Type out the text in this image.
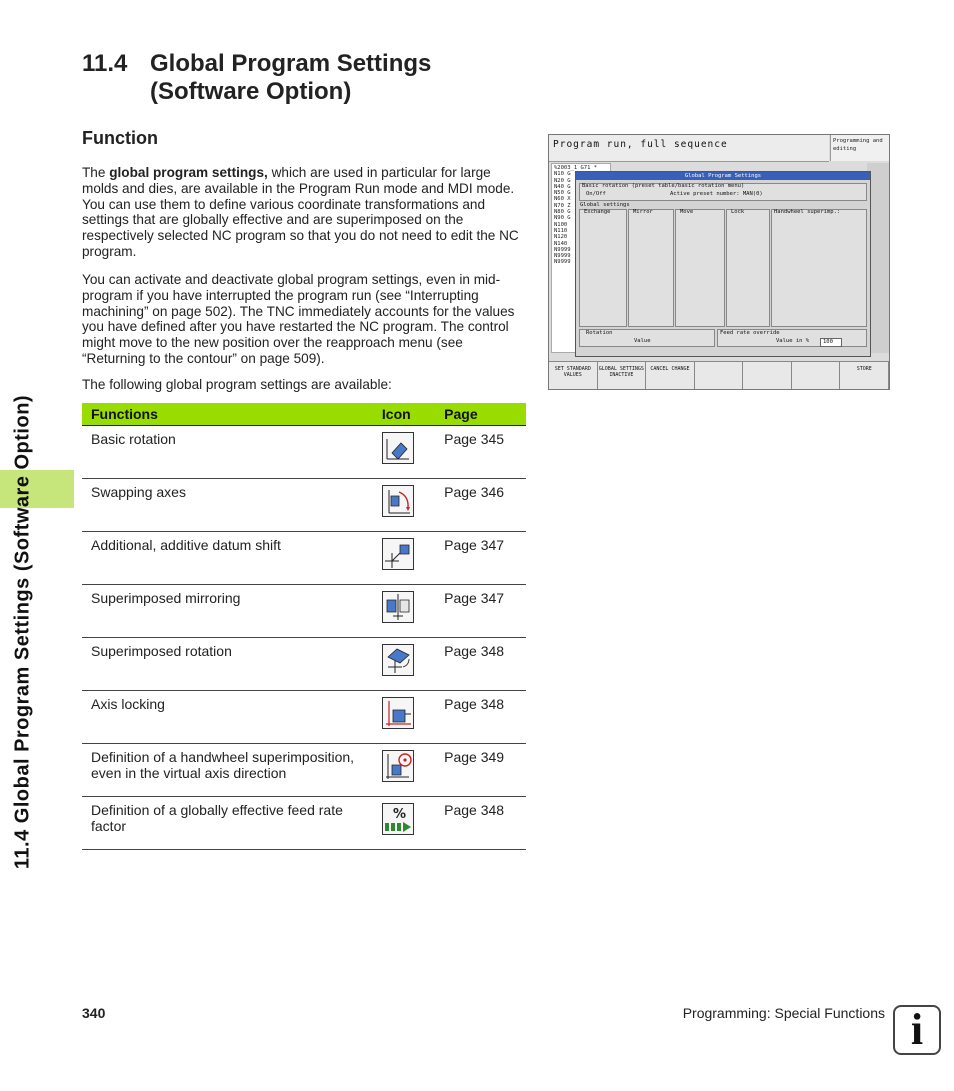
11.4 Global Program Settings (Software Option)
11.4 Global Program Settings
(Software Option)
Function

The global program settings, which are used in particular for large molds and dies, are available in the Program Run mode and MDI mode. You can use them to define various coordinate transformations and settings that are globally effective and are superimposed on the respectively selected NC program so that you do not need to edit the NC program.

You can activate and deactivate global program settings, even in mid-program if you have interrupted the program run (see “Interrupting machining” on page 502). The TNC immediately accounts for the values you have defined after you have restarted the NC program. The control might move to the new position over the reapproach menu (see “Returning to the contour” on page 509).

The following global program settings are available:

Functions	Icon	Page
Basic rotation		Page 345
Swapping axes		Page 346
Additional, additive datum shift		Page 347
Superimposed mirroring		Page 347
Superimposed rotation		Page 348
Axis locking		Page 348
Definition of a handwheel superimposition, even in the virtual axis direction		Page 349
Definition of a globally effective feed rate factor	%	Page 348
Program run, full sequence	Programming and editing
%2003_1 G71 *
N10 G
N20 G
N40 G
N50 G
N60 X
N70 Z
N80 G
N90 G
N100
N110
N120
N140
N9999
N9999
N9999
Global Program Settings
Basic rotation (preset table/basic rotation menu)
On/Off	Active preset number: MAN(0)
Global settings
Exchange	Mirror	Move	Lock	Handwheel superimp.:
Rotation
Value
Feed rate override
Value in %	100
SET STANDARD VALUES
GLOBAL SETTINGS INACTIVE
CANCEL CHANGE	STORE
340	Programming: Special Functions i
